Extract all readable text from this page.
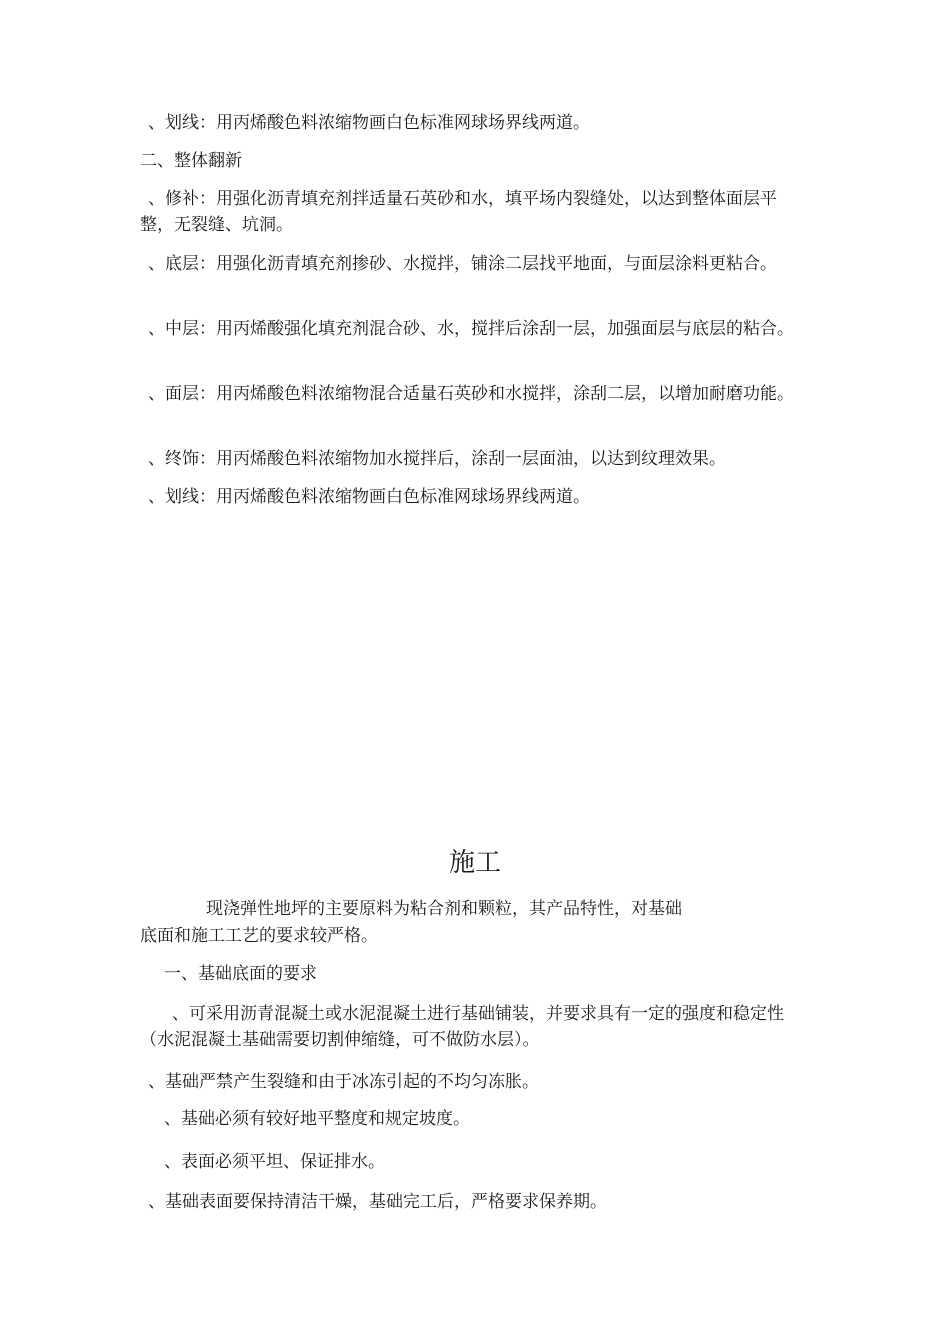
、划线：用丙烯酸色料浓缩物画白色标准网球场界线两道。

二、整体翻新

、修补：用强化沥青填充剂拌适量石英砂和水，填平场内裂缝处，以达到整体面层平整，无裂缝、坑洞。

、底层：用强化沥青填充剂掺砂、水搅拌，铺涂二层找平地面，与面层涂料更粘合。

、中层：用丙烯酸强化填充剂混合砂、水，搅拌后涂刮一层，加强面层与底层的粘合。

、面层：用丙烯酸色料浓缩物混合适量石英砂和水搅拌，涂刮二层，以增加耐磨功能。

、终饰：用丙烯酸色料浓缩物加水搅拌后，涂刮一层面油，以达到纹理效果。

、划线：用丙烯酸色料浓缩物画白色标准网球场界线两道。

施工

现浇弹性地坪的主要原料为粘合剂和颗粒，其产品特性，对基础

底面和施工工艺的要求较严格。

一、基础底面的要求

、可采用沥青混凝土或水泥混凝土进行基础铺装，并要求具有一定的强度和稳定性（水泥混凝土基础需要切割伸缩缝，可不做防水层）。

、基础严禁产生裂缝和由于冰冻引起的不均匀冻胀。

、基础必须有较好地平整度和规定坡度。

、表面必须平坦、保证排水。

、基础表面要保持清洁干燥，基础完工后，严格要求保养期。
